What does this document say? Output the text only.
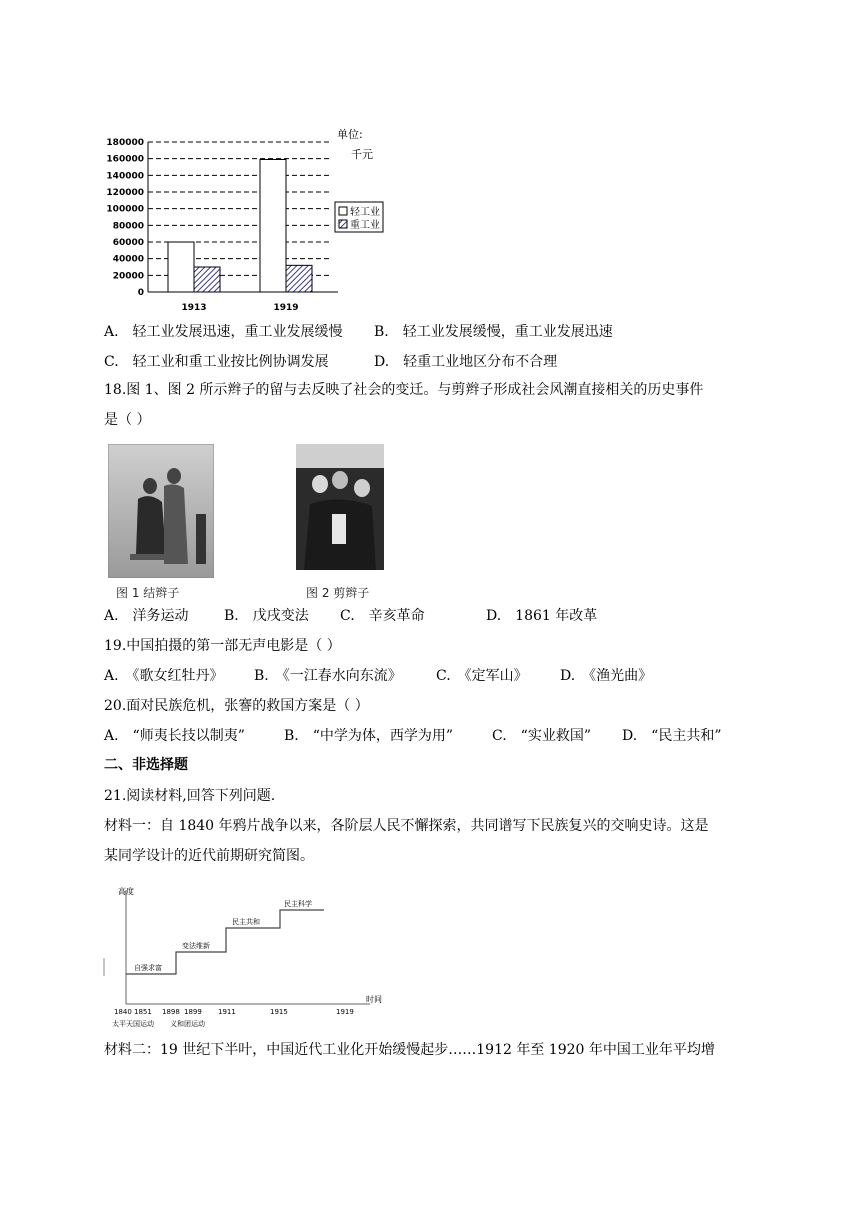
180000
160000
140000
120000
100000
80000
60000
40000
20000
0
1913	1919
单位:
千元
轻工业
重工业
A.　轻工业发展迅速，重工业发展缓慢 B.　轻工业发展缓慢，重工业发展迅速
C.　轻工业和重工业按比例协调发展	D.　轻重工业地区分布不合理
18.图 1、图 2 所示辫子的留与去反映了社会的变迁。与剪辫子形成社会风潮直接相关的历史事件
是（ ）
图 1 结辫子	图 2 剪辫子
A.　洋务运动	B.　戊戌变法 C.　辛亥革命	D.　1861 年改革
19.中国拍摄的第一部无声电影是（ ）
A.　《歌女红牡丹》 B.　《一江春水向东流》 C.　《定军山》 D.　《渔光曲》
20.面对民族危机，张謇的救国方案是（ ）
A.　“师夷长技以制夷”	B.　“中学为体，西学为用”	C.　“实业救国” D.　“民主共和”
二、非选择题
21.阅读材料,回答下列问题.
材料一：自 1840 年鸦片战争以来，各阶层人民不懈探索，共同谱写下民族复兴的交响史诗。这是
某同学设计的近代前期研究简图。
高度
时间
自强求富
变法维新
民主共和
民主科学
1840 1851 1898 1899 1911	1915	1919
太平天国运动 义和团运动
材料二：19 世纪下半叶，中国近代工业化开始缓慢起步……1912 年至 1920 年中国工业年平均增
